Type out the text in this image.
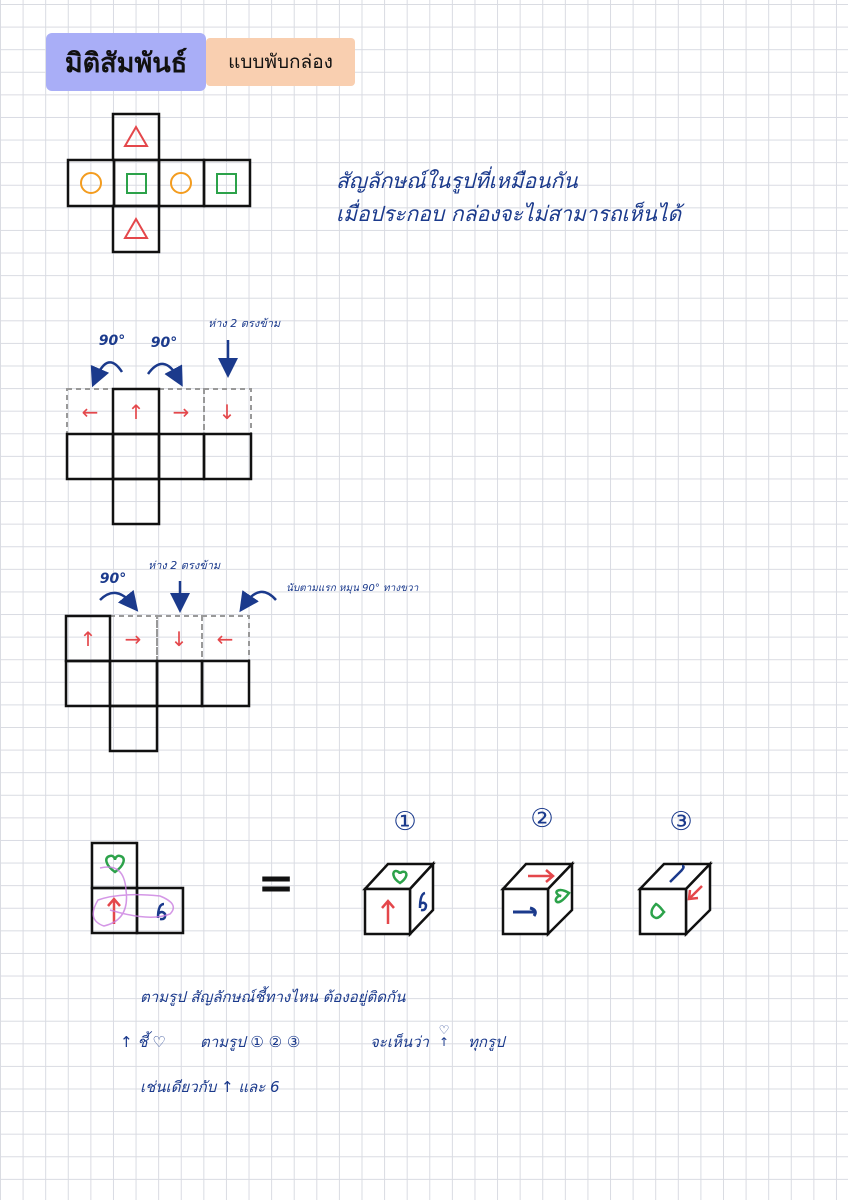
มิติสัมพันธ์	แบบพับกล่อง
สัญลักษณ์ในรูปที่เหมือนกัน
เมื่อประกอบ กล่องจะไม่สามารถเห็นได้
ห่าง 2 ตรงข้าม
ห่าง 2 ตรงข้าม
นับตามแรก หมุน 90° ทางขวา
ตามรูป สัญลักษณ์ชี้ทางไหน ต้องอยู่ติดกัน
↑ ชี้ ♡ ตามรูป ① ② ③	จะเห็นว่า
♡ ↑ ทุกรูป
เช่นเดียวกับ ↑ และ 6
← ↑ → ↓
90° 90°
↑ → ↓ ←
90°
=
①	②	③
